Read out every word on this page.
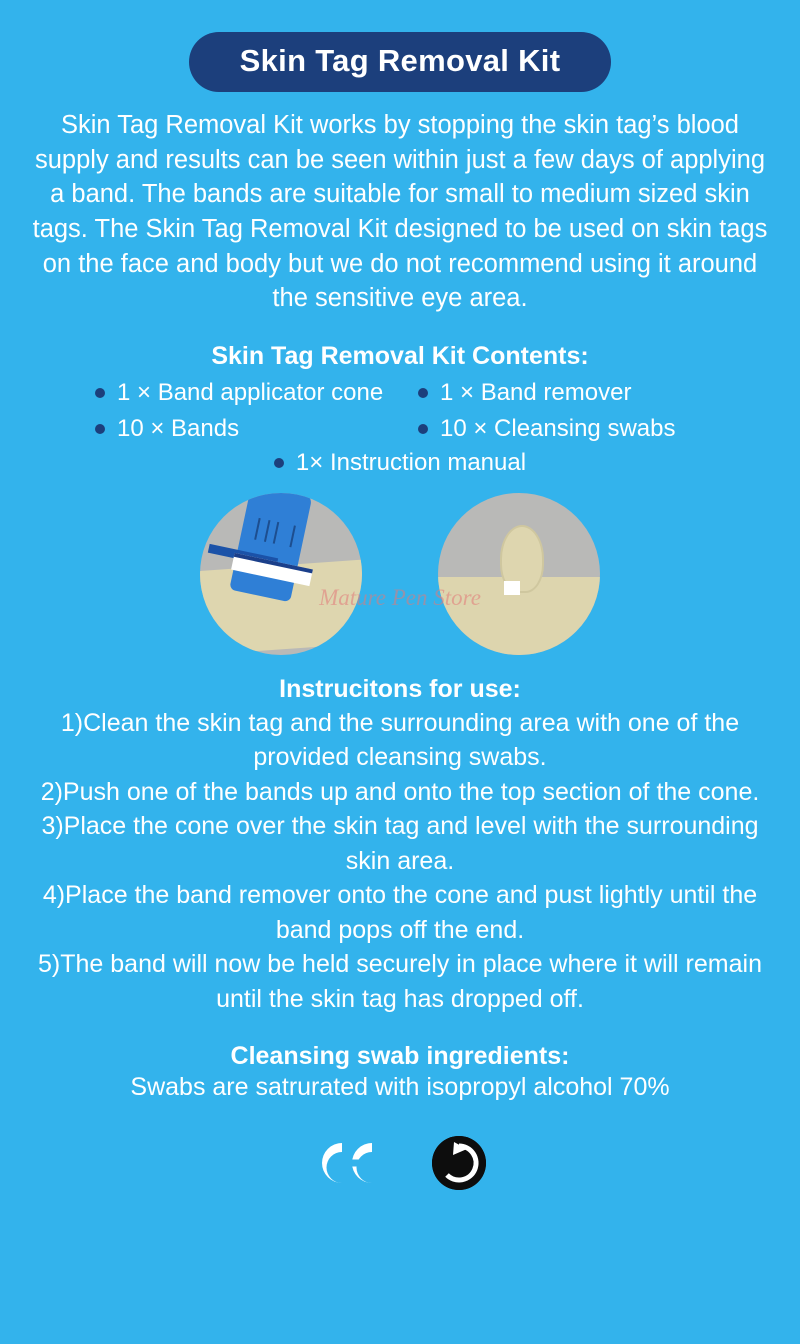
Skin Tag Removal Kit

Skin Tag Removal Kit works by stopping the skin tag’s blood supply and results can be seen within just a few days of applying a band. The bands are suitable for small to medium sized skin tags. The Skin Tag Removal Kit designed to be used on skin tags on the face and body but we do not recommend using it around the sensitive eye area.

Skin Tag Removal Kit Contents:
1 × Band applicator cone 1 × Band remover
10 × Bands	10 × Cleansing swabs
1× Instruction manual
Mature Pen Store
Instrucitons for use:
1)Clean the skin tag and the surrounding area with one of the provided cleansing swabs.
2)Push one of the bands up and onto the top section of the cone.
3)Place the cone over the skin tag and level with the surrounding skin area.
4)Place the band remover onto the cone and pust lightly until the band pops off the end.
5)The band will now be held securely in place where it will remain until the skin tag has dropped off.
Cleansing swab ingredients:
Swabs are satrurated with isopropyl alcohol 70%
